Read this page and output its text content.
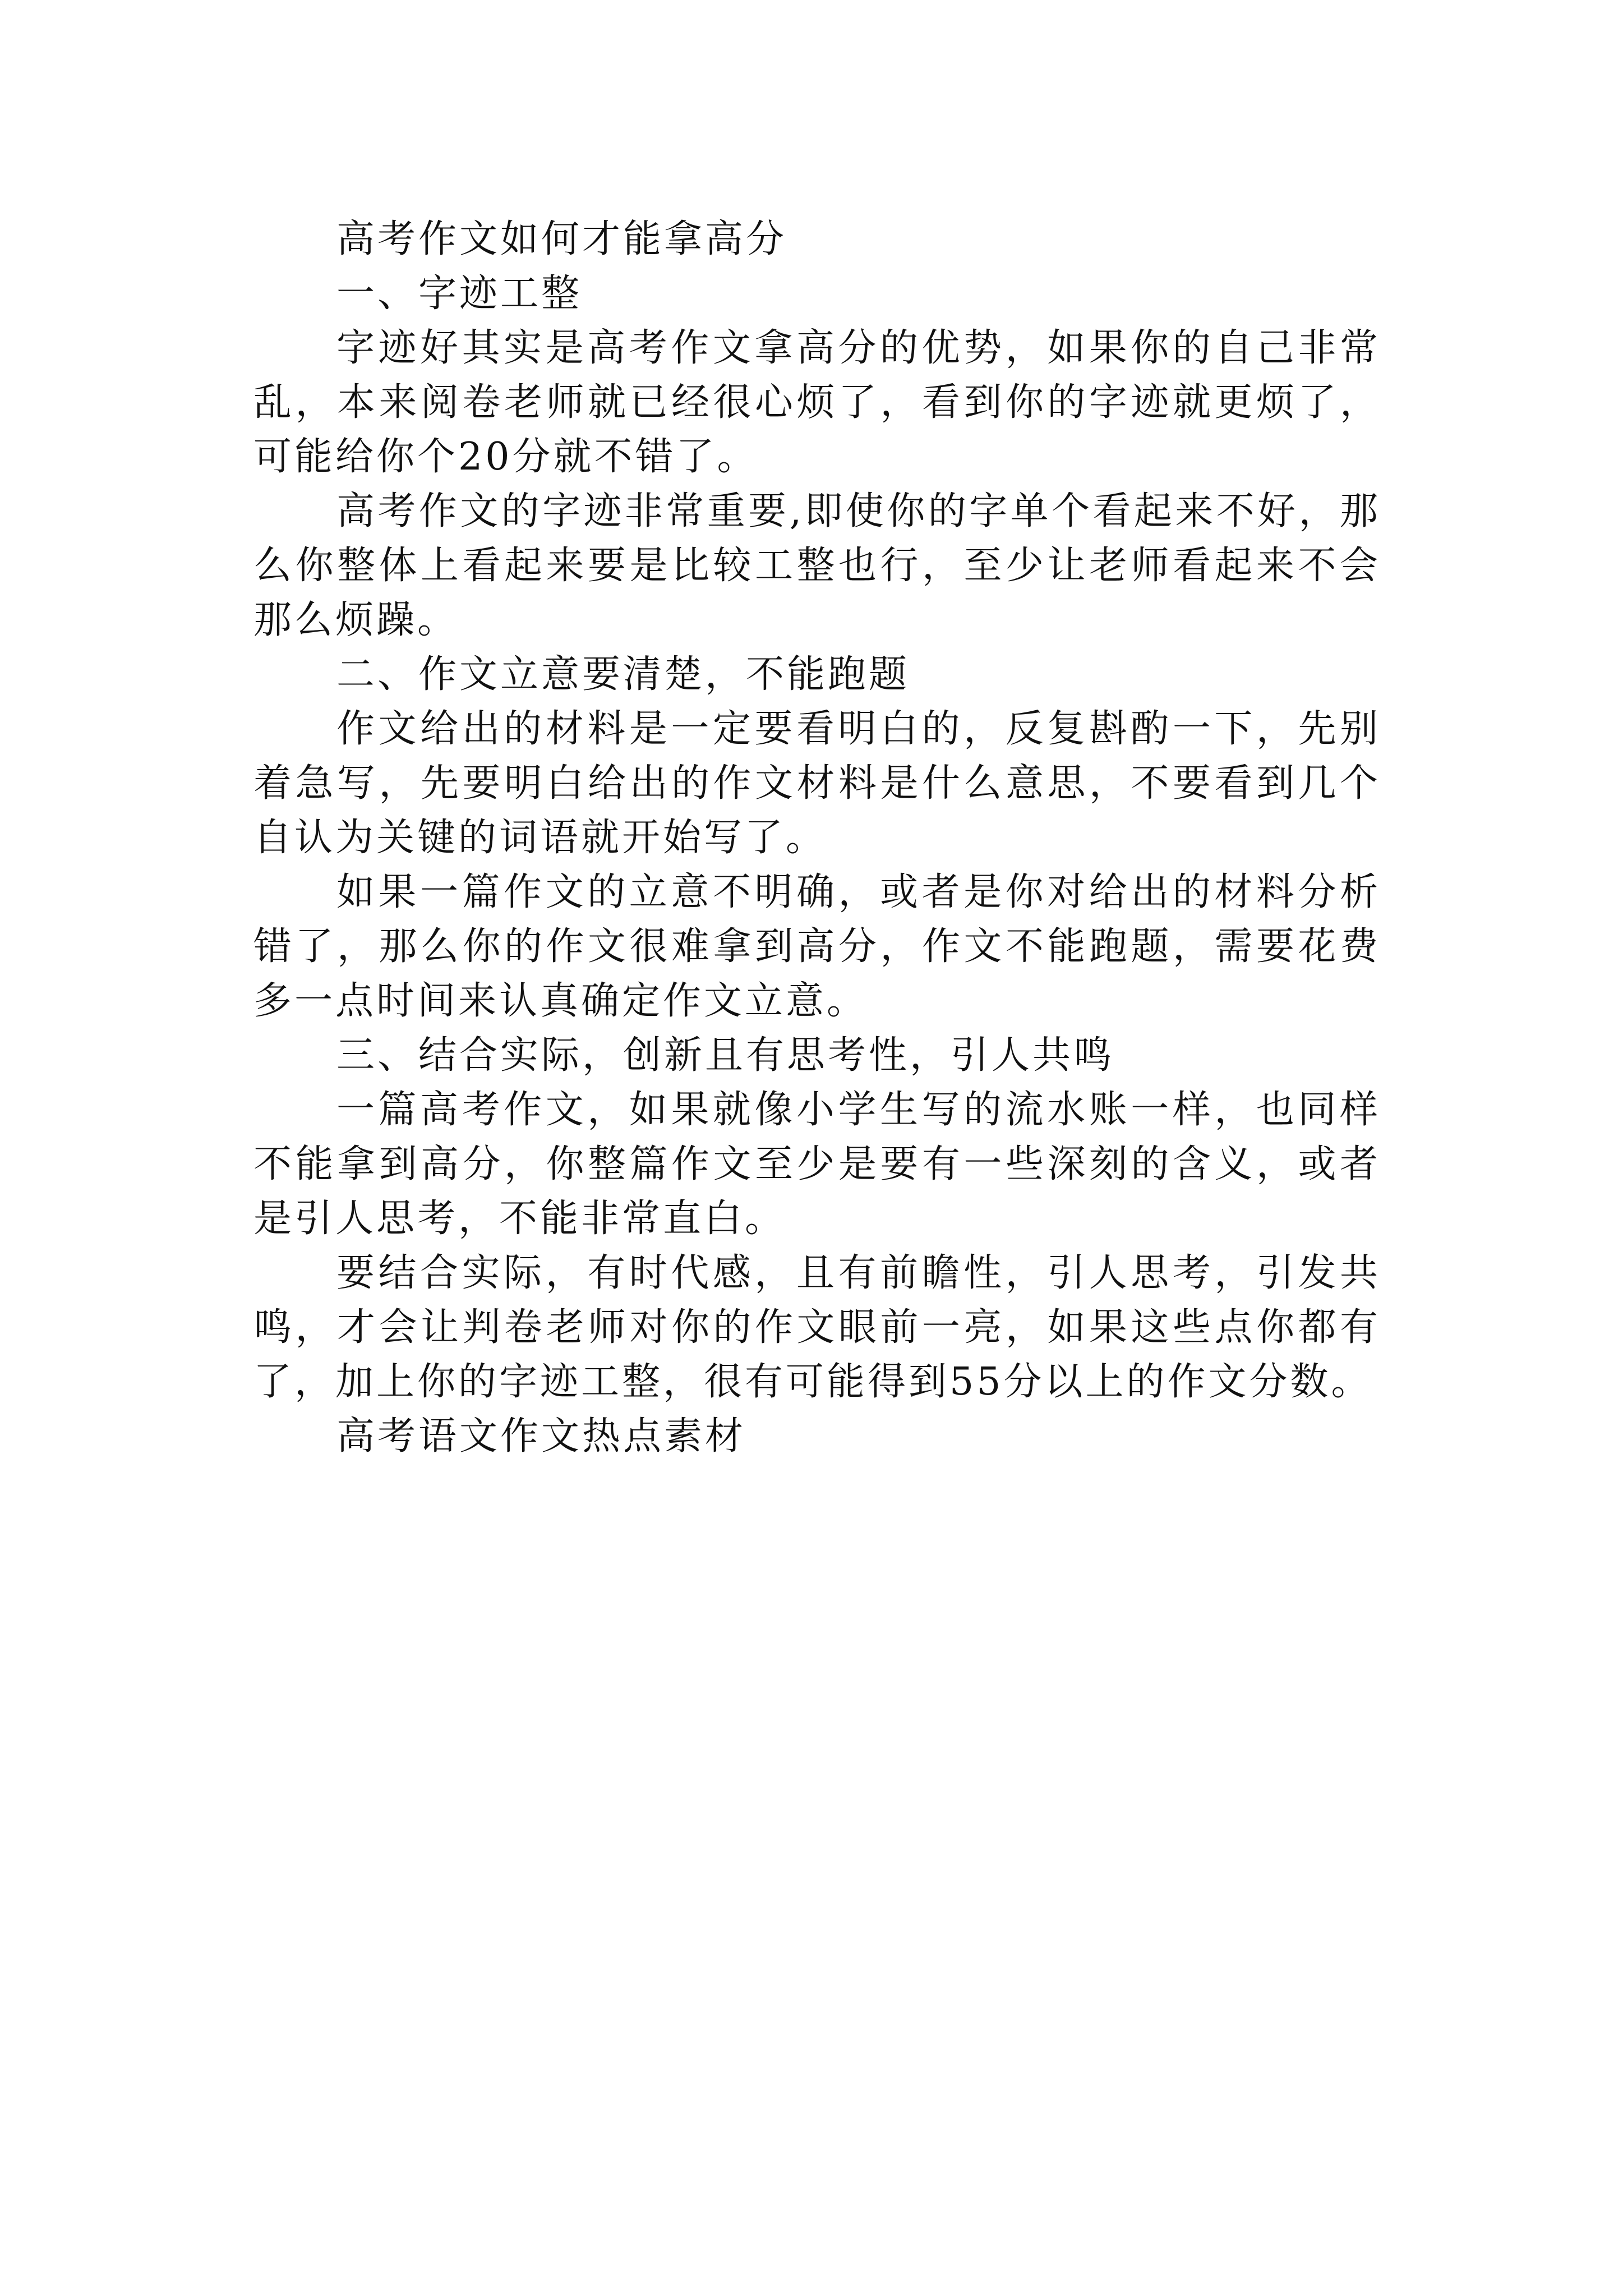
高考作文如何才能拿高分

一、字迹工整

字迹好其实是高考作文拿高分的优势，如果你的自己非常乱，本来阅卷老师就已经很心烦了，看到你的字迹就更烦了，可能给你个20分就不错了。

高考作文的字迹非常重要,即使你的字单个看起来不好，那么你整体上看起来要是比较工整也行，至少让老师看起来不会那么烦躁。

二、作文立意要清楚，不能跑题

作文给出的材料是一定要看明白的，反复斟酌一下，先别着急写，先要明白给出的作文材料是什么意思，不要看到几个自认为关键的词语就开始写了。

如果一篇作文的立意不明确，或者是你对给出的材料分析错了，那么你的作文很难拿到高分，作文不能跑题，需要花费多一点时间来认真确定作文立意。

三、结合实际，创新且有思考性，引人共鸣

一篇高考作文，如果就像小学生写的流水账一样，也同样不能拿到高分，你整篇作文至少是要有一些深刻的含义，或者是引人思考，不能非常直白。

要结合实际，有时代感，且有前瞻性，引人思考，引发共鸣，才会让判卷老师对你的作文眼前一亮，如果这些点你都有了，加上你的字迹工整，很有可能得到55分以上的作文分数。

高考语文作文热点素材
